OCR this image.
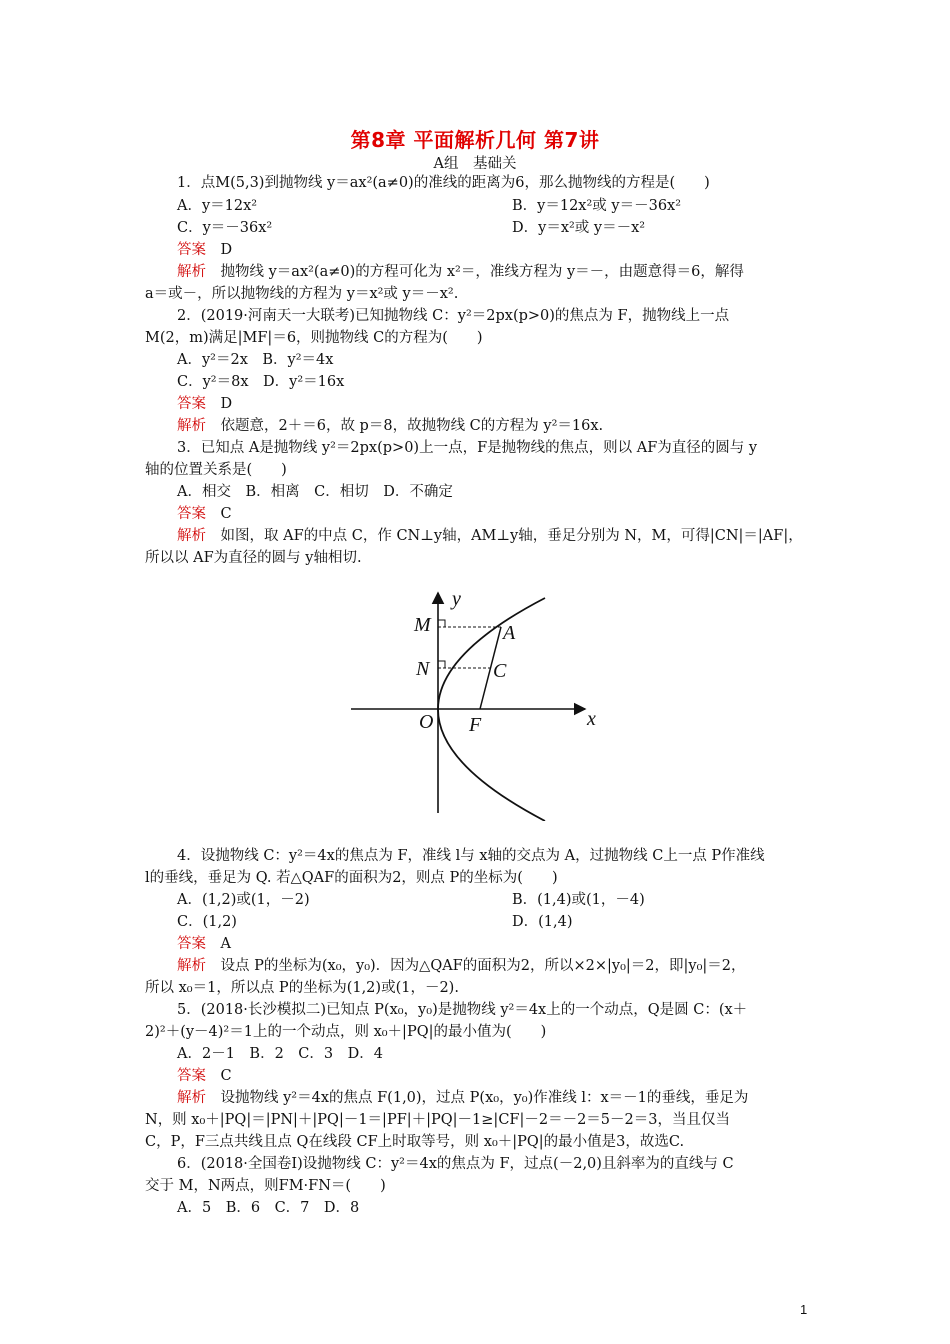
第8章 平面解析几何 第7讲
A组　基础关
1．点M(5,3)到抛物线 y＝ax²(a≠0)的准线的距离为6，那么抛物线的方程是(　　)
A．y＝12x²	B．y＝12x²或 y＝－36x²
C．y＝－36x²	D．y＝x²或 y＝－x²
答案　 D
解析　 抛物线 y＝ax²(a≠0)的方程可化为 x²＝，准线方程为 y＝－，由题意得＝6，解得
a＝或－，所以抛物线的方程为 y＝x²或 y＝－x².
2．(2019·河南天一大联考)已知抛物线 C：y²＝2px(p>0)的焦点为 F，抛物线上一点
M(2，m)满足|MF|＝6，则抛物线 C的方程为(　　)
A．y²＝2x　B．y²＝4x
C．y²＝8x　D．y²＝16x
答案　 D
解析　 依题意，2＋＝6，故 p＝8，故抛物线 C的方程为 y²＝16x.
3．已知点 A是抛物线 y²＝2px(p>0)上一点，F是抛物线的焦点，则以 AF为直径的圆与 y
轴的位置关系是(　　)
A．相交　B．相离　C．相切　D．不确定
答案　 C
解析　 如图，取 AF的中点 C，作 CN⊥y轴，AM⊥y轴，垂足分别为 N，M，可得|CN|＝|AF|，
所以以 AF为直径的圆与 y轴相切.
y
x
M
N
A
C
O F
4．设抛物线 C：y²＝4x的焦点为 F，准线 l与 x轴的交点为 A，过抛物线 C上一点 P作准线
l的垂线，垂足为 Q. 若△QAF的面积为2，则点 P的坐标为(　　)
A．(1,2)或(1，－2)	B．(1,4)或(1，－4)
C．(1,2)	D．(1,4)
答案　 A
解析　 设点 P的坐标为(x₀，y₀)．因为△QAF的面积为2，所以×2×|y₀|＝2，即|y₀|＝2，
所以 x₀＝1，所以点 P的坐标为(1,2)或(1，－2).
5．(2018·长沙模拟二)已知点 P(x₀，y₀)是抛物线 y²＝4x上的一个动点，Q是圆 C：(x＋
2)²＋(y－4)²＝1上的一个动点，则 x₀＋|PQ|的最小值为(　　)
A．2－1　B．2　C．3　D．4
答案　 C
解析　 设抛物线 y²＝4x的焦点 F(1,0)，过点 P(x₀，y₀)作准线 l：x＝－1的垂线，垂足为
N，则 x₀＋|PQ|＝|PN|＋|PQ|－1＝|PF|＋|PQ|－1≥|CF|－2＝－2＝5－2＝3，当且仅当
C，P，F三点共线且点 Q在线段 CF上时取等号，则 x₀＋|PQ|的最小值是3，故选C.
6．(2018·全国卷Ⅰ)设抛物线 C：y²＝4x的焦点为 F，过点(－2,0)且斜率为的直线与 C
交于 M，N两点，则FM·FN＝(　　)
A．5　B．6　C．7　D．8
1
